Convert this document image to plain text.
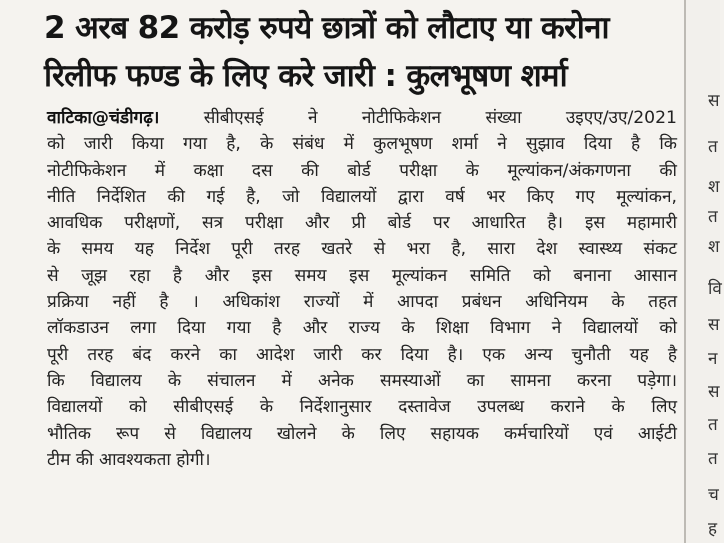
2 अरब 82 करोड़ रुपये छात्रों को लौटाए या करोना
रिलीफ फण्ड के लिए करे जारी : कुलभूषण शर्मा
वाटिका@चंडीगढ़। सीबीएसई ने नोटीफिकेशन संख्या उइएए/उए/2021
को जारी किया गया है, के संबंध में कुलभूषण शर्मा ने सुझाव दिया है कि
नोटीफिकेशन में कक्षा दस की बोर्ड परीक्षा के मूल्यांकन/अंकगणना की
नीति निर्देशित की गई है, जो विद्यालयों द्वारा वर्ष भर किए गए मूल्यांकन,
आवधिक परीक्षणों, सत्र परीक्षा और प्री बोर्ड पर आधारित है। इस महामारी
के समय यह निर्देश पूरी तरह खतरे से भरा है, सारा देश स्वास्थ्य संकट
से जूझ रहा है और इस समय इस मूल्यांकन समिति को बनाना आसान
प्रक्रिया नहीं है । अधिकांश राज्यों में आपदा प्रबंधन अधिनियम के तहत
लॉकडाउन लगा दिया गया है और राज्य के शिक्षा विभाग ने विद्यालयों को
पूरी तरह बंद करने का आदेश जारी कर दिया है। एक अन्य चुनौती यह है
कि विद्यालय के संचालन में अनेक समस्याओं का सामना करना पड़ेगा।
विद्यालयों को सीबीएसई के निर्देशानुसार दस्तावेज उपलब्ध कराने के लिए
भौतिक रूप से विद्यालय खोलने के लिए सहायक कर्मचारियों एवं आईटी
टीम की आवश्यकता होगी।
स
त
श
त
श
वि
स
न
स
त
त
च
ह
